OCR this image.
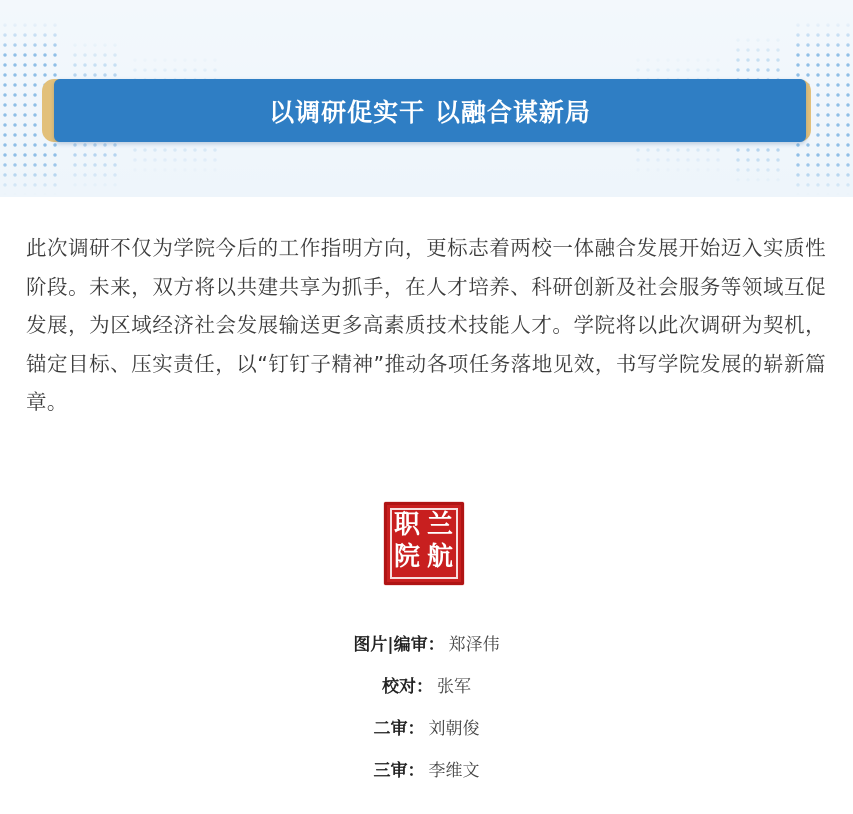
以调研促实干 以融合谋新局

此次调研不仅为学院今后的工作指明方向，更标志着两校一体融合发展开始迈入实质性阶段。未来，双方将以共建共享为抓手，在人才培养、科研创新及社会服务等领域互促发展，为区域经济社会发展输送更多高素质技术技能人才。学院将以此次调研为契机，锚定目标、压实责任，以“钉钉子精神”推动各项任务落地见效，书写学院发展的崭新篇章。

兰
航
职
院
图片|编审： 郑泽伟
校对： 张军
二审： 刘朝俊
三审： 李维文
